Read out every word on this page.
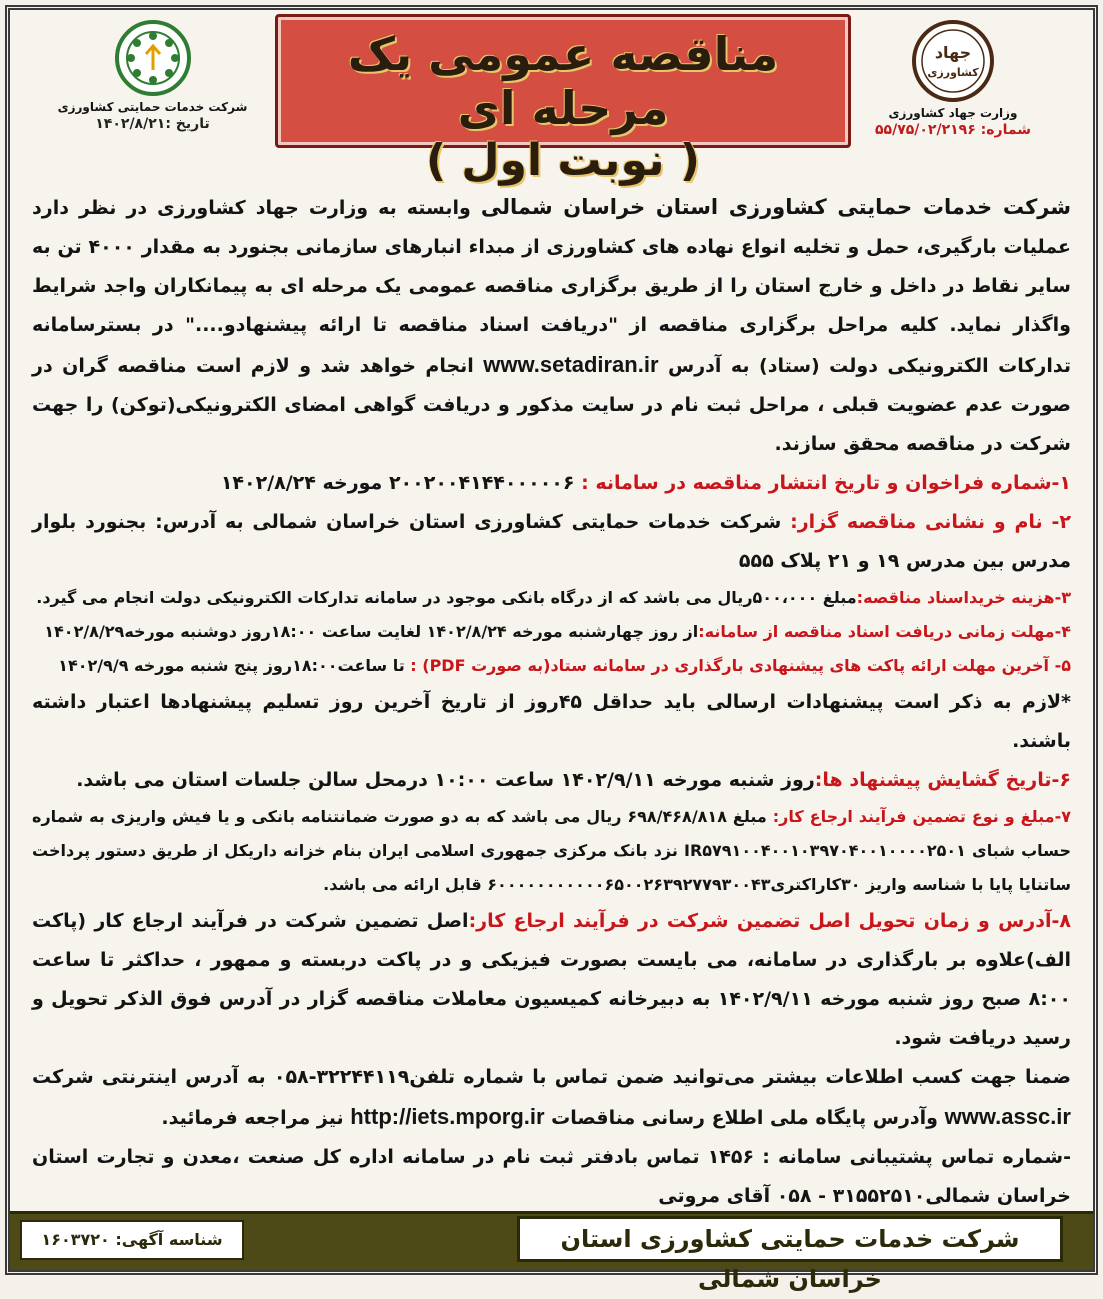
شرکت خدمات حمایتی کشاورزی
تاریخ :۱۴۰۲/۸/۲۱
مناقصه عمومی یک مرحله ای
( نوبت اول )
جهاد
کشاورزی
وزارت جهاد کشاورزی
شماره: ۵۵/۷۵/۰۲/۲۱۹۶

شرکت خدمات حمایتی کشاورزی استان خراسان شمالی وابسته به وزارت جهاد کشاورزی در نظر دارد عملیات بارگیری، حمل و تخلیه انواع نهاده های کشاورزی از مبداء انبارهای سازمانی بجنورد به مقدار ۴۰۰۰ تن به سایر نقاط در داخل و خارج استان را از طریق برگزاری مناقصه عمومی یک مرحله ای به پیمانکاران واجد شرایط واگذار نماید. کلیه مراحل برگزاری مناقصه از "دریافت اسناد مناقصه تا ارائه پیشنهادو...." در بسترسامانه تدارکات الکترونیکی دولت (ستاد) به آدرس www.setadiran.ir انجام خواهد شد و لازم است مناقصه گران در صورت عدم عضویت قبلی ، مراحل ثبت نام در سایت مذکور و دریافت گواهی امضای الکترونیکی(توکن) را جهت شرکت در مناقصه محقق سازند.

۱-شماره فراخوان و تاریخ انتشار مناقصه در سامانه : ۲۰۰۲۰۰۴۱۴۴۰۰۰۰۰۶ مورخه ۱۴۰۲/۸/۲۴

۲- نام و نشانی مناقصه گزار: شرکت خدمات حمایتی کشاورزی استان خراسان شمالی به آدرس: بجنورد بلوار مدرس بین مدرس ۱۹ و ۲۱ پلاک ۵۵۵

۳-هزینه خریداسناد مناقصه:مبلغ ۵۰۰،۰۰۰ریال می باشد که از درگاه بانکی موجود در سامانه تدارکات الکترونیکی دولت انجام می گیرد.

۴-مهلت زمانی دریافت اسناد مناقصه از سامانه:از روز چهارشنبه مورخه ۱۴۰۲/۸/۲۴ لغایت ساعت ۱۸:۰۰روز دوشنبه مورخه۱۴۰۲/۸/۲۹

۵- آخرین مهلت ارائه پاکت های پیشنهادی بارگذاری در سامانه ستاد(به صورت PDF) : تا ساعت۱۸:۰۰روز پنج شنبه مورخه ۱۴۰۲/۹/۹

*لازم به ذکر است پیشنهادات ارسالی باید حداقل ۴۵روز از تاریخ آخرین روز تسلیم پیشنهادها اعتبار داشته باشند.

۶-تاریخ گشایش پیشنهاد ها:روز شنبه مورخه ۱۴۰۲/۹/۱۱ ساعت ۱۰:۰۰ درمحل سالن جلسات استان می باشد.

۷-مبلغ و نوع تضمین فرآیند ارجاع کار: مبلغ ۶۹۸/۴۶۸/۸۱۸ ریال می باشد که به دو صورت ضمانتنامه بانکی و یا فیش واریزی به شماره حساب شبای IR۵۷۹۱۰۰۴۰۰۱۰۳۹۷۰۴۰۰۱۰۰۰۰۲۵۰۱ نزد بانک مرکزی جمهوری اسلامی ایران بنام خزانه داریکل از طریق دستور پرداخت ساتنایا پایا با شناسه واریز ۳۰کاراکتری۶۰۰۰۰۰۰۰۰۰۰۰۶۵۰۰۲۶۳۹۲۷۷۹۳۰۰۴۳ قابل ارائه می باشد.

۸-آدرس و زمان تحویل اصل تضمین شرکت در فرآیند ارجاع کار:اصل تضمین شرکت در فرآیند ارجاع کار (پاکت الف)علاوه بر بارگذاری در سامانه، می بایست بصورت فیزیکی و در پاکت دربسته و ممهور ، حداکثر تا ساعت ۸:۰۰ صبح روز شنبه مورخه ۱۴۰۲/۹/۱۱ به دبیرخانه کمیسیون معاملات مناقصه گزار در آدرس فوق الذکر تحویل و رسید دریافت شود.

ضمنا جهت کسب اطلاعات بیشتر می‌توانید ضمن تماس با شماره تلفن۳۲۲۴۴۱۱۹-۰۵۸ به آدرس اینترنتی شرکت www.assc.ir وآدرس پایگاه ملی اطلاع رسانی مناقصات http://iets.mporg.ir نیز مراجعه فرمائید.

-شماره تماس پشتیبانی سامانه : ۱۴۵۶ تماس بادفتر ثبت نام در سامانه اداره کل صنعت ،معدن و تجارت استان خراسان شمالی۳۱۵۵۲۵۱۰ - ۰۵۸ آقای مروتی

شرکت خدمات حمایتی کشاورزی استان خراسان شمالی
شناسه آگهی: ۱۶۰۳۷۲۰
